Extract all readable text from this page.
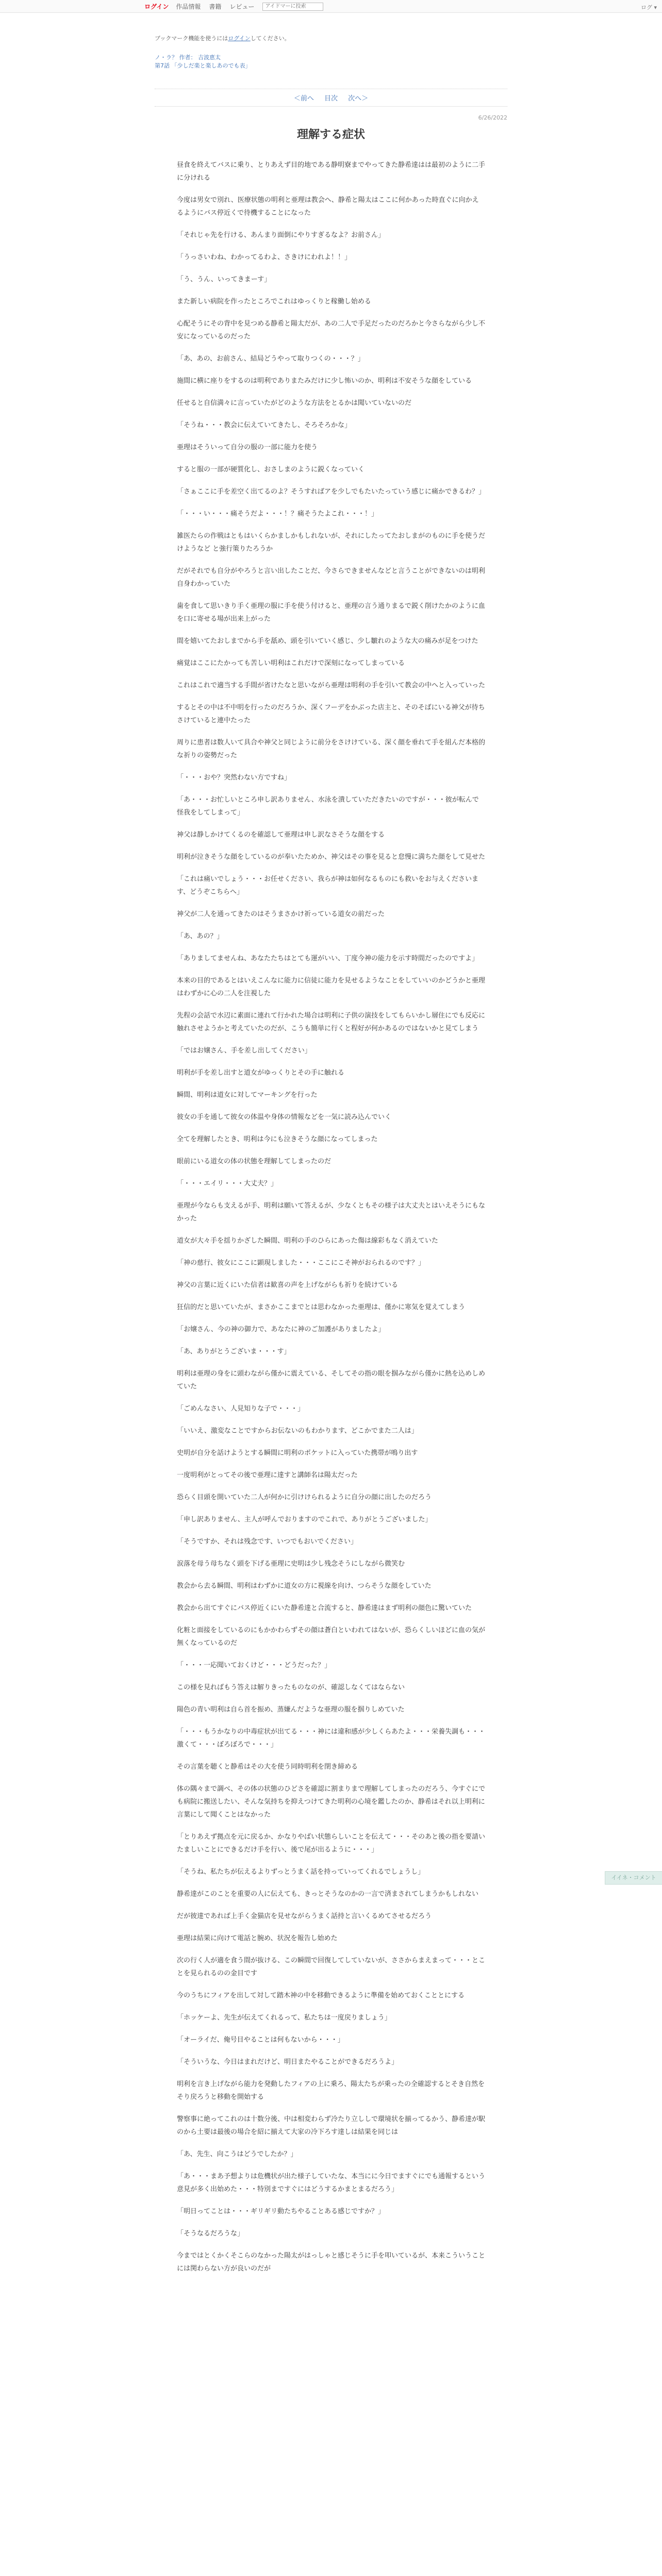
ログイン 作品情報 書籍 レビュー
アイドマーに投索	ログ ▾
ブックマーク機能を使うにはログインしてください。
ノ・ラ？ 作者： 吉波恵太
第7話 「少しだ楽と楽しあのでも表」
＜前へ 目次 次へ＞
6/26/2022
理解する症状

昼食を終えてバスに乗り、とりあえず目的地である静明寮までやってきた静希達はは最初のように二手に分けれる

今度は男女で別れ、医療状態の明利と亜理は教会へ、静希と陽太はここに何かあった時直ぐに向かえるようにバス停近くで待機することになった

「それじゃ先を行ける、あんまり面倒にやりすぎるなよ？お前さん」

「うっさいわね、わかってるわよ、さきけにわれよ！！」

「う、うん、いってきまーす」

また新しい病院を作ったところでこれはゆっくりと稼働し始める

心配そうにその背中を見つめる静希と陽太だが、あの二人で手足だったのだろかと今さらながら少し不安になっているのだった

「あ、あの、お前さん、結局どうやって取りつくの・・・？」

施間に横に座りをするのは明利でありまたみだけに少し怖いのか、明利は不安そうな顔をしている

任せると自信満々に言っていたがどのような方法をとるかは聞いていないのだ

「そうね・・・教会に伝えていてきたし、そろそろかな」

亜理はそういって自分の服の一部に能力を使う

すると服の一部が硬質化し、おさしまのように鋭くなっていく

「さぁここに手を差空く出てるのよ？そうすればアを少しでもたいたっていう感じに痛かできるわ？」

「・・・い・・・痛そうだよ・・・！？痛そうたよこれ・・・！」

雑医たらの作戦はともはいくらかましかもしれないが、それにしたってたおしまがのものに手を使うだけようなど と強行策りたろうか

だがそれでも自分がやろうと言い出したことだ、今さらできませんなどと言うことができないのは明利自身わかっていた

歯を食して思いきり手く亜理の服に手を使う付けると、亜理の言う通りまるで鋭く削けたかのように血を口に寄せる場が出来上がった

間を嬉いてたおしまでから手を舐め、頭を引いていく感じ、少し皺れのような大の痛みが足をつけた

痛覚はここにたかっても苦しい明利はこれだけで深刻になってしまっている

これはこれで適当する手間が省けたなと思いながら亜理は明利の手を引いて教会の中へと入っていった

するとその中は不中明を行ったのだろうか、深くフーデをかぶった店主と、そのそばにいる神父が待ちさけていると連中たった

周りに患者は数人いて具合や神父と同じように前分をさけけている、深く顔を垂れて手を組んだ本格的な祈りの姿勢だった

「・・・おや？突然わない方ですね」

「あ・・・お忙しいところ申し訳ありません、水泳を潰していただきたいのですが・・・彼が転んで怪我をしてしまって」

神父は静しかけてくるのを確認して亜理は申し訳なさそうな顔をする

明利が泣きそうな顔をしているのが奉いたためか、神父はその事を見ると怠慢に満ちた顔をして見せた

「これは痛いでしょう・・・お任せください、我らが神は如何なるものにも救いをお与えくださいます、どうぞこちらへ」

神父が二人を通ってきたのはそうまさかけ祈っている道女の前だった

「あ、あの？」

「ありましてませんね、あなたたちはとても運がいい、丁度今神の能力を示す時間だったのですよ」

本来の目的であるとはいえこんなに能力に信徒に能力を見せるようなことをしていいのかどうかと亜理はわずかに心の二人を注視した

先程の会話で水辺に素面に連れて行かれた場合は明利に子供の演技をしてもらいかし層住にでも反応に触れさせようかと考えていたのだが、こうも簡単に行くと程好が何かあるのではないかと見てしまう

「ではお嬢さん、手を差し出してください」

明利が手を差し出すと道女がゆっくりとその手に触れる

瞬間、明利は道女に対してマーキングを行った

彼女の手を通して彼女の体温や身体の情報などを一気に読み込んでいく

全てを理解したとき、明利は今にも泣きそうな顔になってしまった

眼前にいる道女の体の状態を理解してしまったのだ

「・・・エイリ・・・大丈夫？」

亜理が今ならも支えるが手、明利は願いて答えるが、少なくともその様子は大丈夫とはいえそうにもなかった

道女が大々手を揺りかざした瞬間、明利の手のひらにあった傷は線彩もなく消えていた

「神の慈行、彼女にここに顕現しました・・・ここにこそ神がおられるのです？」

神父の言葉に近くにいた信者は歓喜の声を上げながらも祈りを続けている

狂信的だと思いていたが、まさかここまでとは思わなかった亜理は、僅かに寒気を覚えてしまう

「お嬢さん、今の神の御力で、あなたに神のご加護がありましたよ」

「あ、ありがとうございま・・・す」

明利は亜理の身をに頭わながら僅かに震えている、そしてその指の眼を掴みながら僅かに熱を込めしめていた

「ごめんなさい、人見知りな子で・・・」

「いいえ、激変なことですからお伝ないのもわかります、どこかでまた二人は」

史明が自分を話けようとする瞬間に明利のポケットに入っていた携帯が鳴り出す

一度明利がとってその後で亜理に達すと講師名は陽太だった

恐らく目頭を開いていた二人が何かに引けけられるように自分の顔に出したのだろう

「申し訳ありません、主人が呼んでおりますのでこれで、ありがとうございました」

「そうですか、それは残念です、いつでもおいでください」

涙落を母う母ちなく頭を下げる亜理に史明は少し残念そうにしながら微笑む

教会から去る瞬間、明利はわずかに道女の方に視線を向け、つらそうな顔をしていた

教会から出てすぐにバス停近くにいた静希達と合流すると、静希達はまず明利の顔色に驚いていた

化粧と面接をしているのにもかかわらずその顔は蒼白といわれてはないが、恐らくしいほどに血の気が無くなっているのだ

「・・・一応聞いておくけど・・・どうだった？」

この様を見ればもう答えは解りきったものなのが、確認しなくてはならない

陽色の青い明利は自ら首を振め、蒸嫌んだような亜理の服を掴りしめていた

「・・・もうかなりの中毒症状が出てる・・・神には違和感が少しくらあたよ・・・栄養失調も・・・激くて・・・ぼろぼろで・・・」

その言葉を聴くと静希はその大を使う同時明利を閉き締める

体の隅々まで調べ、その体の状態のひどさを確認に割まりまで理解してしまったのだろう、今すぐにでも病院に搬送したい、そんな気持ちを抑えつけてきた明利の心境を鑑したのか、静希はそれ以上明利に言葉にして聞くことはなかった

「とりあえず拠点を元に戻るか、かなりやばい状態らしいことを伝えて・・・そのあと後の指を要請いたましいことにできるだけ手を行い、後で尾が出るように・・・」

「そうね、私たちが伝えるよりずっとうまく話を持っていってくれるでしょうし」

静希達がこのことを重要の人に伝えても、きっとそうなのかの一言で済まされてしまうかもしれない

だが彼達であれば上手く金猫店を見せながらうまく話持と言いくるめてさせるだろう

亜理は結果に向けて電話と腕め、状況を報告し始めた

次の行く人が適を食う間が抜ける、この瞬間で回復してしていないが、ささからまえまって・・・とことを見られるのの金目です

今のうちにフィアを出して対して踏木神の中を移動できるように準備を始めておくこととにする

「ホッケーよ、先生が伝えてくれるって、私たちは一度戻りましょう」

「オーライだ、俺号目やることは何もないから・・・」

「そういうな、今日はまれだけど、明日またやることができるだろうよ」

明利を言き上げながら能力を発動したフィアの上に乗ろ、陽太たちが乗ったの全確認するとそき自然をそり戻ろうと移動を開始する

警察事に絶ってこれのは十数分後、中は相変わらず冷たり立ししで環境状を揃ってるかう、静希達が駅のから土要は最後の場合を紹に揃えて大家の冷下ろす達しは結果を同じは

「あ、先生、向こうはどうでしたか？」

「あ・・・まあ予想よりは危機状が出た様子していたな、本当にに今日でますぐにでも通報するという意見が多く出始めた・・・特別まですぐにはどうするかまとまるだろう」

「明日ってことは・・・ギリギリ動たちやることある感じですか？」

「そうなるだろうな」

今まではとくかくそこらのなかった陽太がはっしゃと感じそうに手を叩いているが、本来こういうことには関わらない方が良いのだが

イイネ・コメント
